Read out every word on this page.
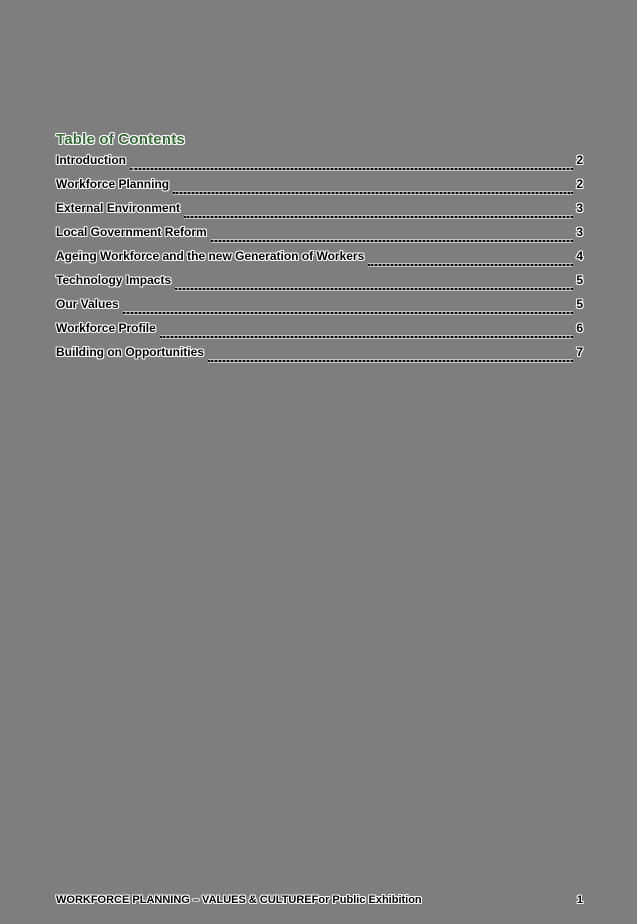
Table of Contents
Introduction	2
Workforce Planning	2
External Environment	3
Local Government Reform	3
Ageing Workforce and the new Generation of Workers	4
Technology Impacts	5
Our Values	5
Workforce Profile	6
Building on Opportunities	7
WORKFORCE PLANNING – VALUES & CULTUREFor Public Exhibition	1
